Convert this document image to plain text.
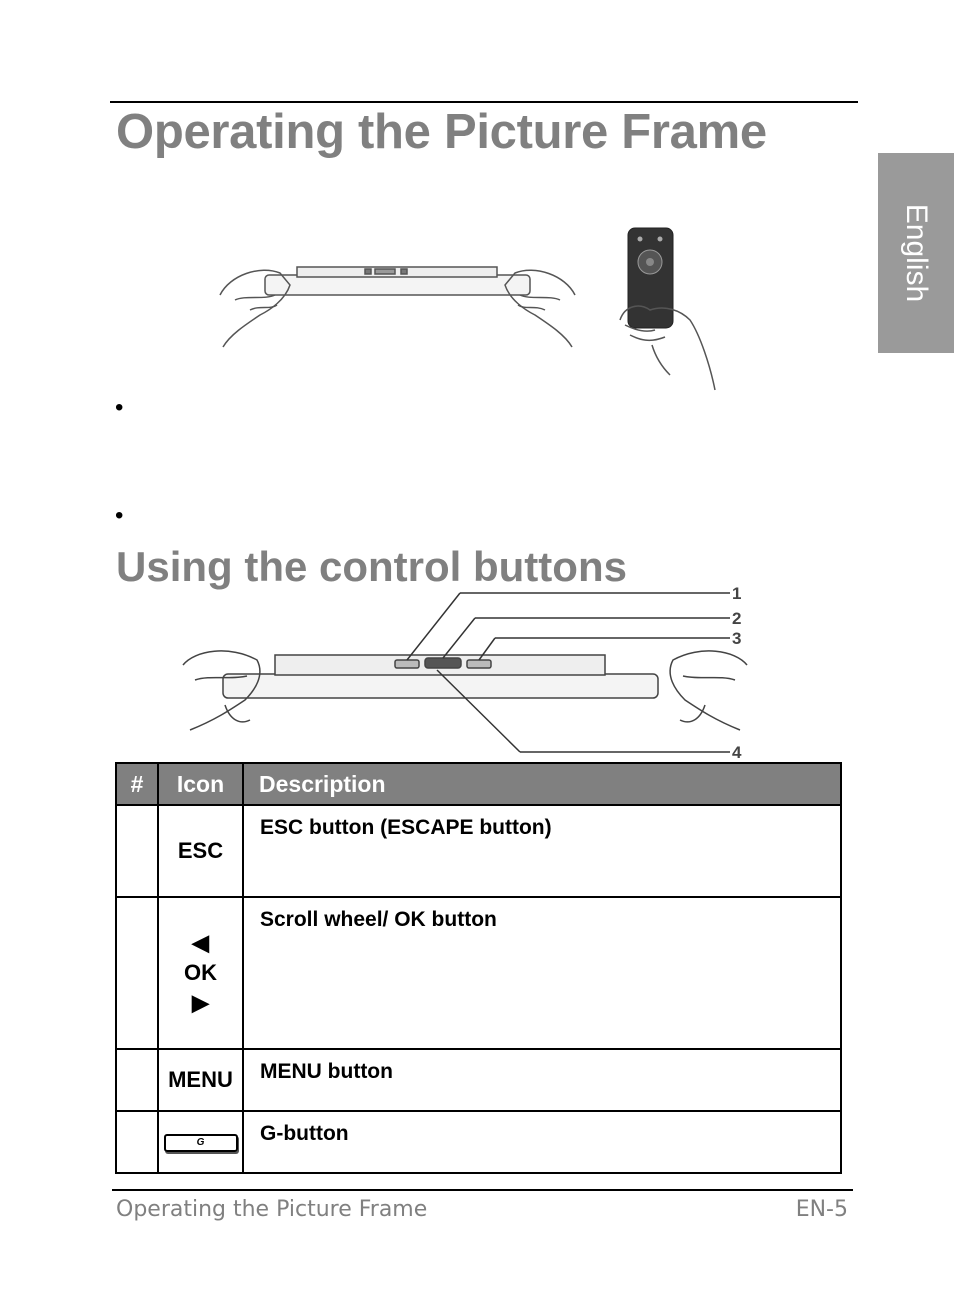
Operating the Picture Frame
English
•
•
Using the control buttons
1
2
3
4
#	Icon	Description
	ESC	ESC button (ESCAPE button)

	◀
OK
▶	Scroll wheel/ OK button
	MENU	MENU button
	G	G-button
Operating the Picture Frame	EN-5
